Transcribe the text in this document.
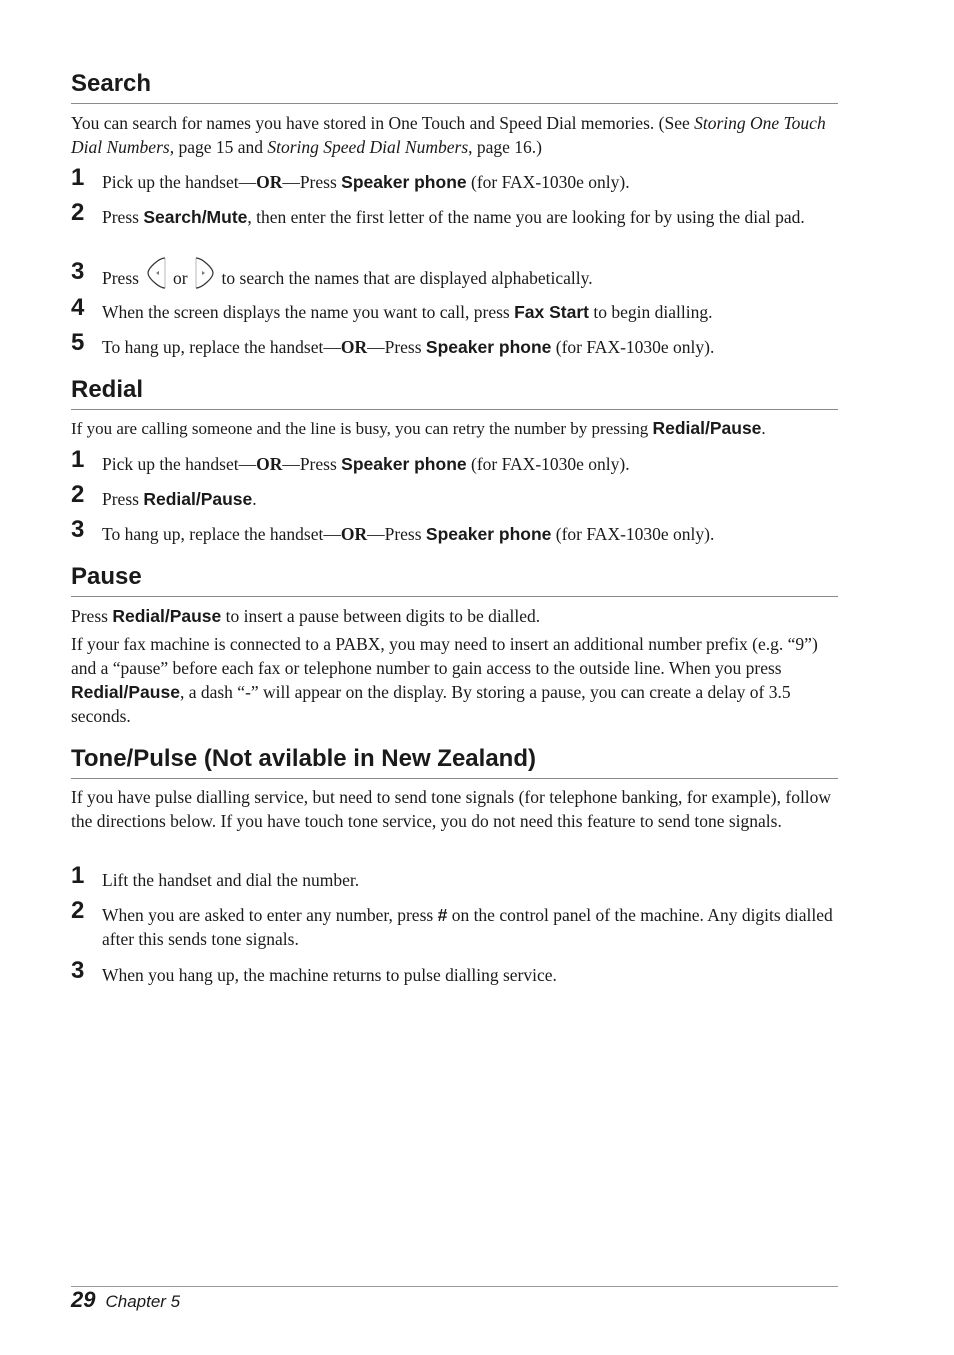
Search

You can search for names you have stored in One Touch and Speed Dial memories. (See Storing One Touch Dial Numbers, page 15 and Storing Speed Dial Numbers, page 16.)

1	Pick up the handset—OR—Press Speaker phone (for FAX-1030e only).
2	Press Search/Mute, then enter the first letter of the name you are looking for by using the dial pad.
3	Press or to search the names that are displayed alphabetically.
4	When the screen displays the name you want to call, press Fax Start to begin dialling.
5	To hang up, replace the handset—OR—Press Speaker phone (for FAX-1030e only).
Redial

If you are calling someone and the line is busy, you can retry the number by pressing Redial/Pause.

1	Pick up the handset—OR—Press Speaker phone (for FAX-1030e only).
2	Press Redial/Pause.
3	To hang up, replace the handset—OR—Press Speaker phone (for FAX-1030e only).
Pause

Press Redial/Pause to insert a pause between digits to be dialled.

If your fax machine is connected to a PABX, you may need to insert an additional number prefix (e.g. “9”) and a “pause” before each fax or telephone number to gain access to the outside line. When you press Redial/Pause, a dash “-” will appear on the display. By storing a pause, you can create a delay of 3.5 seconds.

Tone/Pulse (Not avilable in New Zealand)

If you have pulse dialling service, but need to send tone signals (for telephone banking, for example), follow the directions below. If you have touch tone service, you do not need this feature to send tone signals.

1	Lift the handset and dial the number.
2	When you are asked to enter any number, press # on the control panel of the machine. Any digits dialled after this sends tone signals.
3	When you hang up, the machine returns to pulse dialling service.
29 Chapter 5
